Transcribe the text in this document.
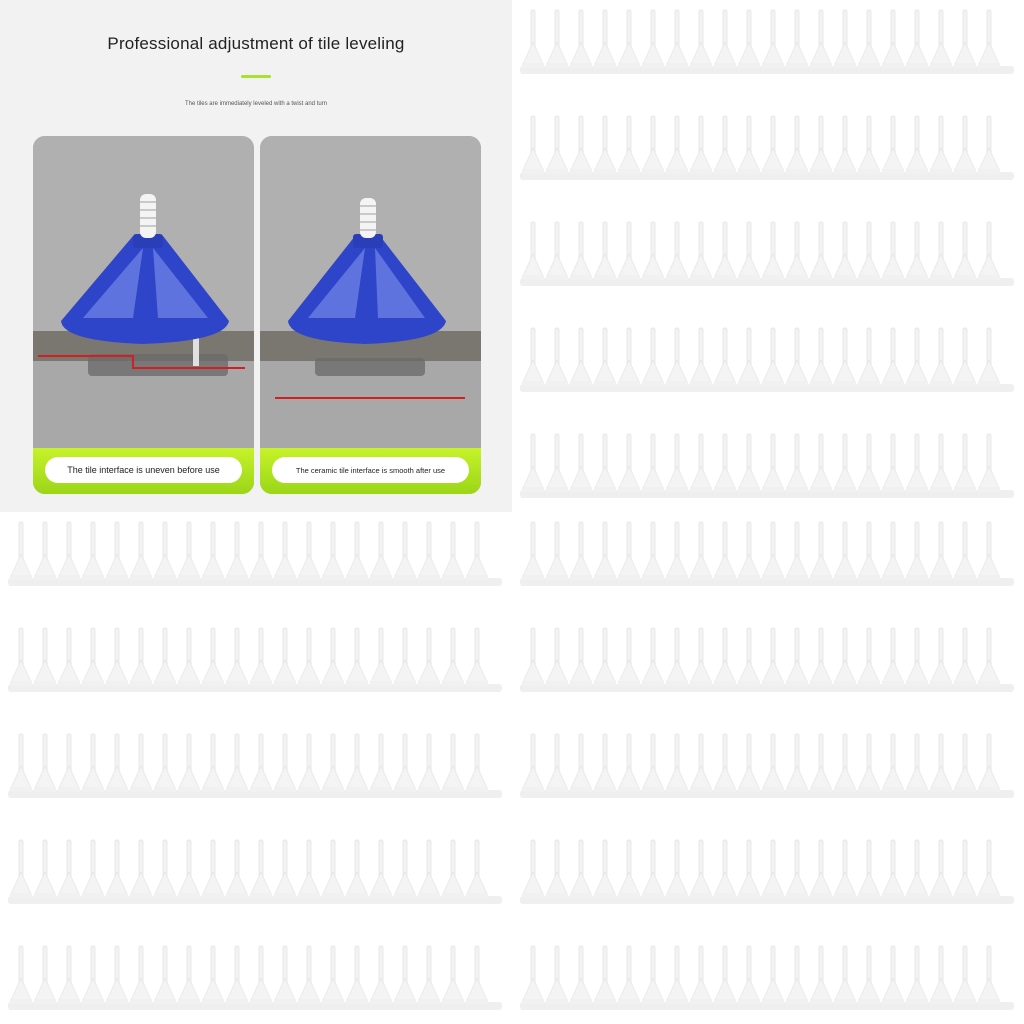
Professional adjustment of tile leveling
The tiles are immediately leveled with a twist and turn
The tile interface is uneven before use	The ceramic tile interface is smooth after use
